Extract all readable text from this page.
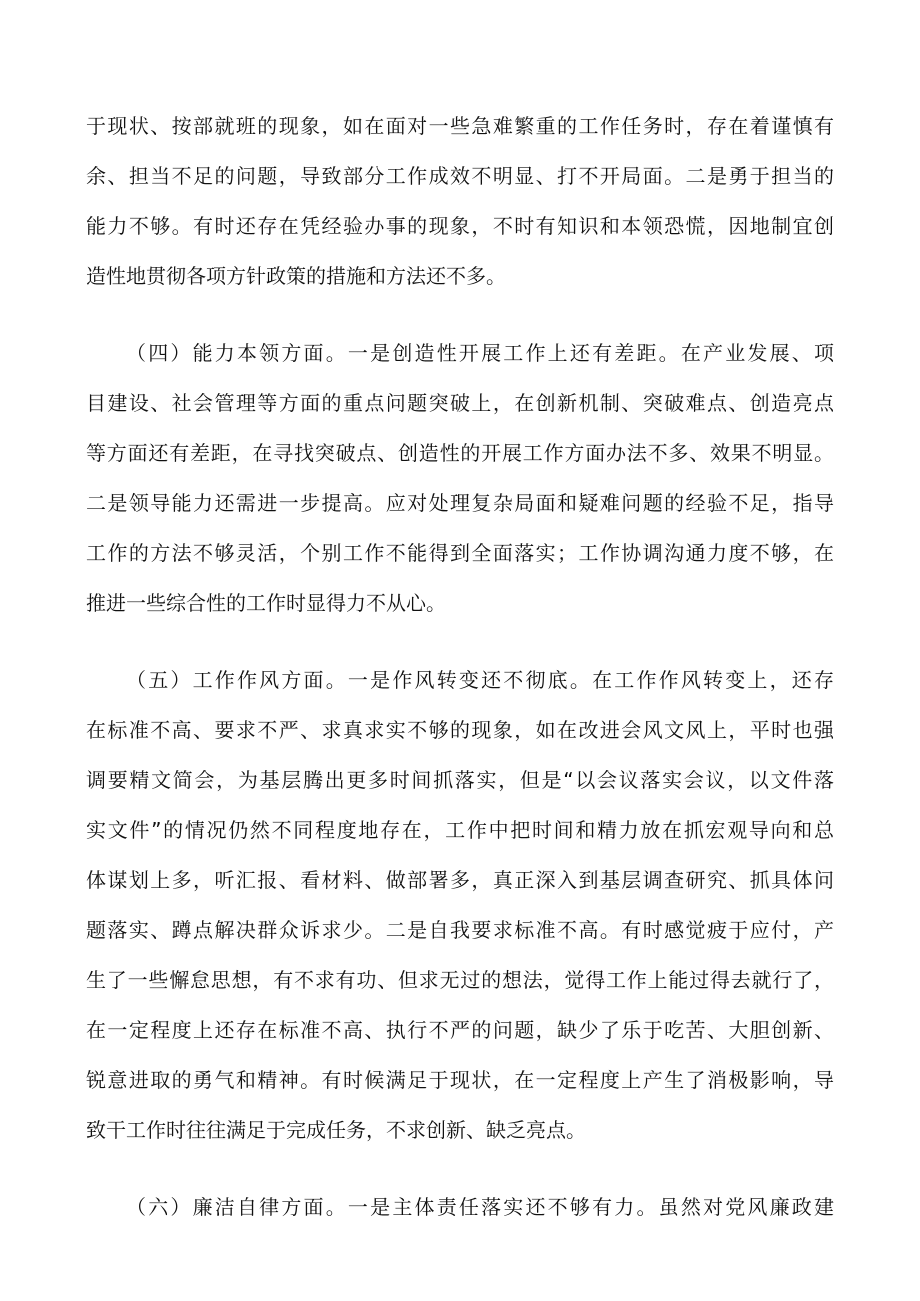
于现状、按部就班的现象，如在面对一些急难繁重的工作任务时，存在着谨慎有
余、担当不足的问题，导致部分工作成效不明显、打不开局面。二是勇于担当的
能力不够。有时还存在凭经验办事的现象，不时有知识和本领恐慌，因地制宜创
造性地贯彻各项方针政策的措施和方法还不多。
（四）能力本领方面。一是创造性开展工作上还有差距。在产业发展、项
目建设、社会管理等方面的重点问题突破上，在创新机制、突破难点、创造亮点
等方面还有差距，在寻找突破点、创造性的开展工作方面办法不多、效果不明显。
二是领导能力还需进一步提高。应对处理复杂局面和疑难问题的经验不足，指导
工作的方法不够灵活，个别工作不能得到全面落实；工作协调沟通力度不够，在
推进一些综合性的工作时显得力不从心。
（五）工作作风方面。一是作风转变还不彻底。在工作作风转变上，还存
在标准不高、要求不严、求真求实不够的现象，如在改进会风文风上，平时也强
调要精文简会，为基层腾出更多时间抓落实，但是“以会议落实会议，以文件落
实文件”的情况仍然不同程度地存在，工作中把时间和精力放在抓宏观导向和总
体谋划上多，听汇报、看材料、做部署多，真正深入到基层调查研究、抓具体问
题落实、蹲点解决群众诉求少。二是自我要求标准不高。有时感觉疲于应付，产
生了一些懈怠思想，有不求有功、但求无过的想法，觉得工作上能过得去就行了，
在一定程度上还存在标准不高、执行不严的问题，缺少了乐于吃苦、大胆创新、
锐意进取的勇气和精神。有时候满足于现状，在一定程度上产生了消极影响，导
致干工作时往往满足于完成任务，不求创新、缺乏亮点。
（六）廉洁自律方面。一是主体责任落实还不够有力。虽然对党风廉政建
